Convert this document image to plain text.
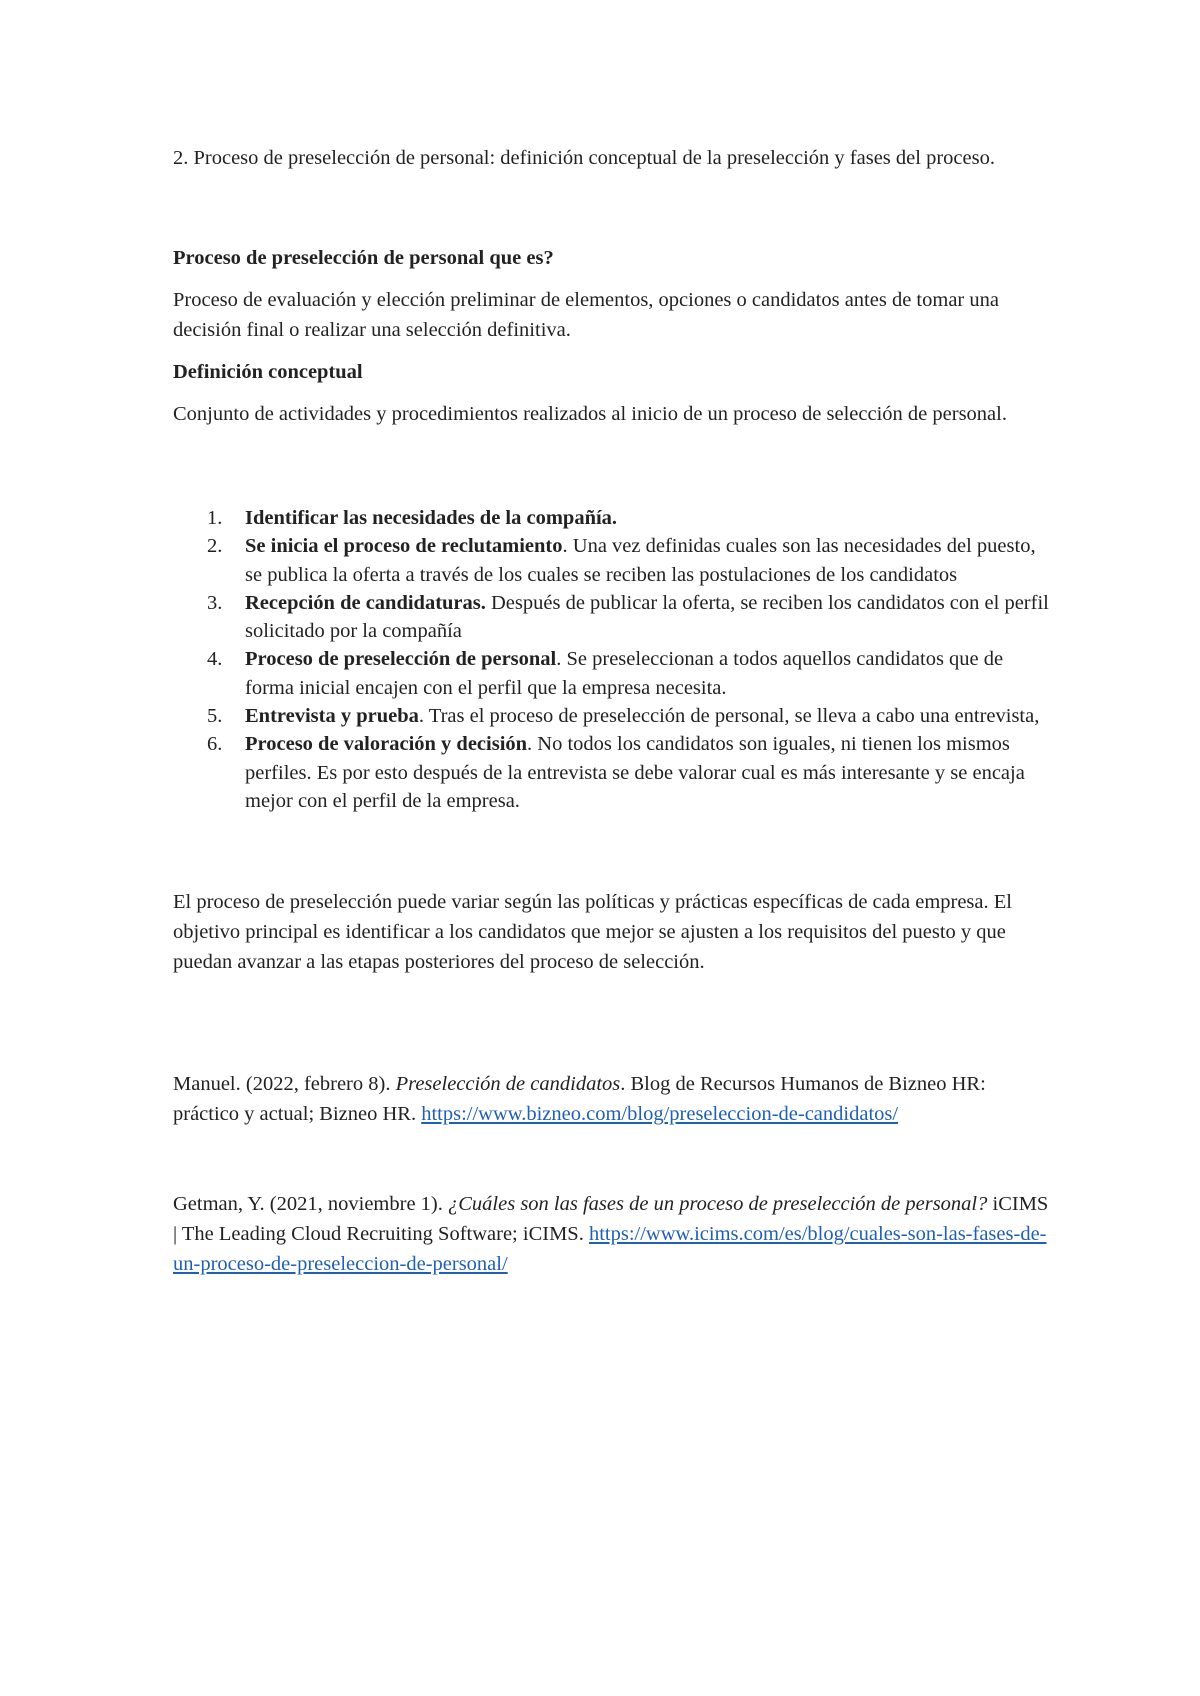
2. Proceso de preselección de personal: definición conceptual de la preselección y fases del proceso.

Proceso de preselección de personal que es?

Proceso de evaluación y elección preliminar de elementos, opciones o candidatos antes de tomar una decisión final o realizar una selección definitiva.

Definición conceptual

Conjunto de actividades y procedimientos realizados al inicio de un proceso de selección de personal.

1. Identificar las necesidades de la compañía.
2. Se inicia el proceso de reclutamiento. Una vez definidas cuales son las necesidades del puesto, se publica la oferta a través de los cuales se reciben las postulaciones de los candidatos
3. Recepción de candidaturas. Después de publicar la oferta, se reciben los candidatos con el perfil solicitado por la compañía
4. Proceso de preselección de personal. Se preseleccionan a todos aquellos candidatos que de forma inicial encajen con el perfil que la empresa necesita.
5. Entrevista y prueba. Tras el proceso de preselección de personal, se lleva a cabo una entrevista,
6. Proceso de valoración y decisión. No todos los candidatos son iguales, ni tienen los mismos perfiles. Es por esto después de la entrevista se debe valorar cual es más interesante y se encaja mejor con el perfil de la empresa.

El proceso de preselección puede variar según las políticas y prácticas específicas de cada empresa. El objetivo principal es identificar a los candidatos que mejor se ajusten a los requisitos del puesto y que puedan avanzar a las etapas posteriores del proceso de selección.

Manuel. (2022, febrero 8). Preselección de candidatos. Blog de Recursos Humanos de Bizneo HR: práctico y actual; Bizneo HR. https://www.bizneo.com/blog/preseleccion-de-candidatos/

Getman, Y. (2021, noviembre 1). ¿Cuáles son las fases de un proceso de preselección de personal? iCIMS | The Leading Cloud Recruiting Software; iCIMS. https://www.icims.com/es/blog/cuales-son-las-fases-de-un-proceso-de-preseleccion-de-personal/
